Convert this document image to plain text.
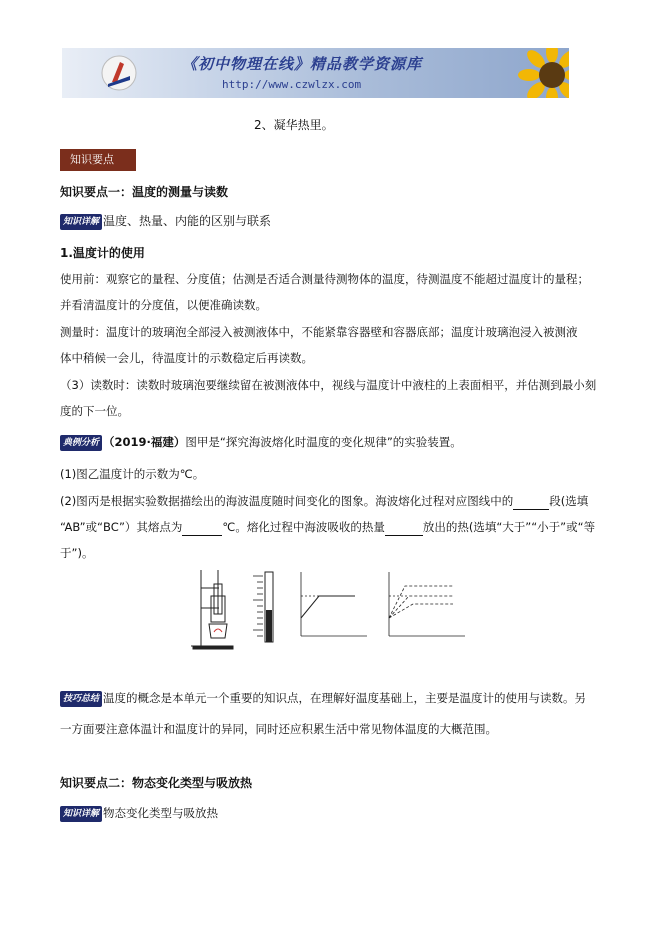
《初中物理在线》精品教学资源库
http://www.czwlzx.com
2、凝华热里。
知识要点
知识要点一：温度的测量与读数
知识详解 温度、热量、内能的区别与联系
1.温度计的使用
使用前：观察它的量程、分度值；估测是否适合测量待测物体的温度，待测温度不能超过温度计的量程；
并看清温度计的分度值，以便准确读数。
测量时：温度计的玻璃泡全部浸入被测液体中，不能紧靠容器壁和容器底部；温度计玻璃泡浸入被测液
体中稍候一会儿，待温度计的示数稳定后再读数。
（3）读数时：读数时玻璃泡要继续留在被测液体中，视线与温度计中液柱的上表面相平，并估测到最小刻
度的下一位。
典例分析 （2019·福建）图甲是“探究海波熔化时温度的变化规律”的实验装置。
(1)图乙温度计的示数为℃。
(2)图丙是根据实验数据描绘出的海波温度随时间变化的图象。海波熔化过程对应图线中的	段(选填
“AB”或“BC”）其熔点为	℃。熔化过程中海波吸收的热量	放出的热(选填“大于”“小于”或“等
于”)。
技巧总结 温度的概念是本单元一个重要的知识点，在理解好温度基础上，主要是温度计的使用与读数。另
一方面要注意体温计和温度计的异同，同时还应积累生活中常见物体温度的大概范围。
知识要点二：物态变化类型与吸放热
知识详解 物态变化类型与吸放热
